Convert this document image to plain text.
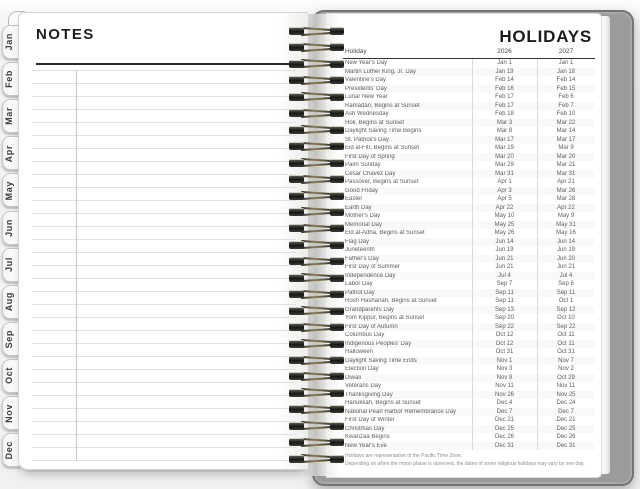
Jan
Feb
Mar
Apr
May
Jun
Jul
Aug
Sep
Oct
Nov
Dec
NOTES	HOLIDAYS
Holiday	2026	2027
New Year's Day	Jan 1	Jan 1
Martin Luther King, Jr. Day	Jan 19	Jan 18
Valentine's Day	Feb 14	Feb 14
Presidents' Day	Feb 16	Feb 15
Lunar New Year	Feb 17	Feb 6
Ramadan, Begins at Sunset	Feb 17	Feb 7
Ash Wednesday	Feb 18	Feb 10
Holi, Begins at Sunset	Mar 3	Mar 22
Daylight Saving Time Begins	Mar 8	Mar 14
St. Patrick's Day	Mar 17	Mar 17
Eid al-Fitr, Begins at Sunset	Mar 19	Mar 9
First Day of Spring	Mar 20	Mar 20
Palm Sunday	Mar 29	Mar 21
Cesar Chavez Day	Mar 31	Mar 31
Passover, Begins at Sunset	Apr 1	Apr 21
Good Friday	Apr 3	Mar 26
Easter	Apr 5	Mar 28
Earth Day	Apr 22	Apr 22
Mother's Day	May 10	May 9
Memorial Day	May 25	May 31
Eid al-Adha, Begins at Sunset	May 26	May 16
Flag Day	Jun 14	Jun 14
Juneteenth	Jun 19	Jun 19
Father's Day	Jun 21	Jun 20
First Day of Summer	Jun 21	Jun 21
Independence Day	Jul 4	Jul 4
Labor Day	Sep 7	Sep 6
Patriot Day	Sep 11	Sep 11
Rosh Hashanah, Begins at Sunset	Sep 11	Oct 1
Grandparents Day	Sep 13	Sep 12
Yom Kippur, Begins at Sunset	Sep 20	Oct 10
First Day of Autumn	Sep 22	Sep 22
Columbus Day	Oct 12	Oct 11
Indigenous Peoples' Day	Oct 12	Oct 11
Halloween	Oct 31	Oct 31
Daylight Saving Time Ends	Nov 1	Nov 7
Election Day	Nov 3	Nov 2
Diwali	Nov 8	Oct 29
Veterans Day	Nov 11	Nov 11
Thanksgiving Day	Nov 26	Nov 25
Hanukkah, Begins at Sunset	Dec 4	Dec 24
National Pearl Harbor Remembrance Day	Dec 7	Dec 7
First Day of Winter	Dec 21	Dec 21
Christmas Day	Dec 25	Dec 25
Kwanzaa Begins	Dec 26	Dec 26
New Year's Eve	Dec 31	Dec 31
Holidays are representative of the Pacific Time Zone.
Depending on when the moon phase is observed, the dates of some religious holidays may vary by one day.
